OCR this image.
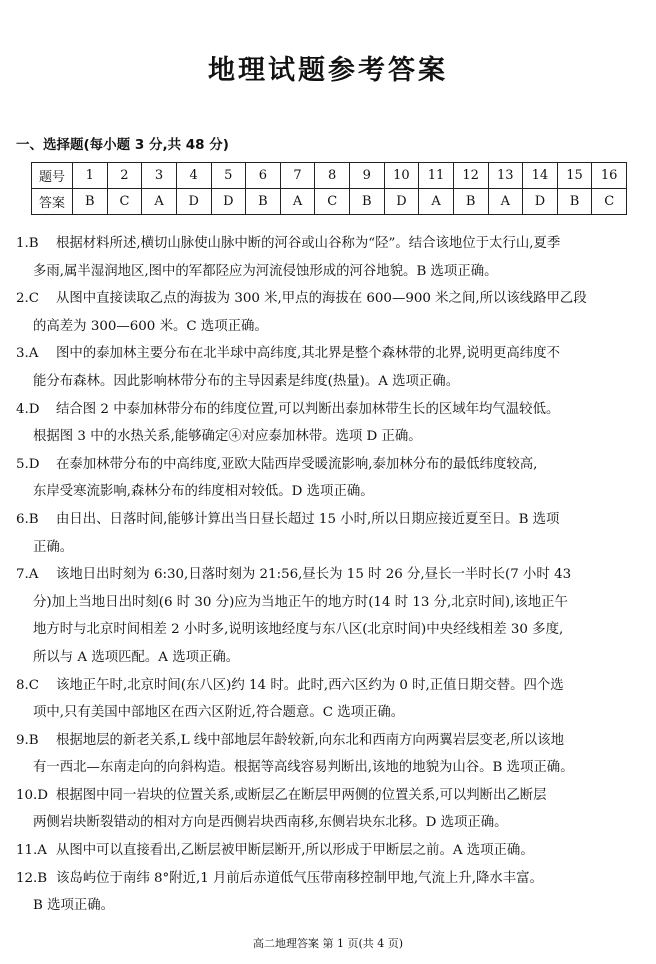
地理试题参考答案
一、选择题(每小题 3 分,共 48 分)
题号	1	2	3	4	5	6	7	8	9	10	11	12	13	14	15	16
答案	B	C	A	D	D	B	A	C	B	D	A	B	A	D	B	C

1.B 根据材料所述,横切山脉使山脉中断的河谷或山谷称为“陉”。结合该地位于太行山,夏季

多雨,属半湿润地区,图中的军都陉应为河流侵蚀形成的河谷地貌。B 选项正确。

2.C 从图中直接读取乙点的海拔为 300 米,甲点的海拔在 600—900 米之间,所以该线路甲乙段

的高差为 300—600 米。C 选项正确。

3.A 图中的泰加林主要分布在北半球中高纬度,其北界是整个森林带的北界,说明更高纬度不

能分布森林。因此影响林带分布的主导因素是纬度(热量)。A 选项正确。

4.D 结合图 2 中泰加林带分布的纬度位置,可以判断出泰加林带生长的区域年均气温较低。

根据图 3 中的水热关系,能够确定④对应泰加林带。选项 D 正确。

5.D 在泰加林带分布的中高纬度,亚欧大陆西岸受暖流影响,泰加林分布的最低纬度较高,

东岸受寒流影响,森林分布的纬度相对较低。D 选项正确。

6.B 由日出、日落时间,能够计算出当日昼长超过 15 小时,所以日期应接近夏至日。B 选项

正确。

7.A 该地日出时刻为 6:30,日落时刻为 21:56,昼长为 15 时 26 分,昼长一半时长(7 小时 43

分)加上当地日出时刻(6 时 30 分)应为当地正午的地方时(14 时 13 分,北京时间),该地正午

地方时与北京时间相差 2 小时多,说明该地经度与东八区(北京时间)中央经线相差 30 多度,

所以与 A 选项匹配。A 选项正确。

8.C 该地正午时,北京时间(东八区)约 14 时。此时,西六区约为 0 时,正值日期交替。四个选

项中,只有美国中部地区在西六区附近,符合题意。C 选项正确。

9.B 根据地层的新老关系,L 线中部地层年龄较新,向东北和西南方向两翼岩层变老,所以该地

有一西北—东南走向的向斜构造。根据等高线容易判断出,该地的地貌为山谷。B 选项正确。

10.D 根据图中同一岩块的位置关系,或断层乙在断层甲两侧的位置关系,可以判断出乙断层

两侧岩块断裂错动的相对方向是西侧岩块西南移,东侧岩块东北移。D 选项正确。

11.A 从图中可以直接看出,乙断层被甲断层断开,所以形成于甲断层之前。A 选项正确。

12.B 该岛屿位于南纬 8°附近,1 月前后赤道低气压带南移控制甲地,气流上升,降水丰富。

B 选项正确。

高二地理答案 第 1 页(共 4 页)
